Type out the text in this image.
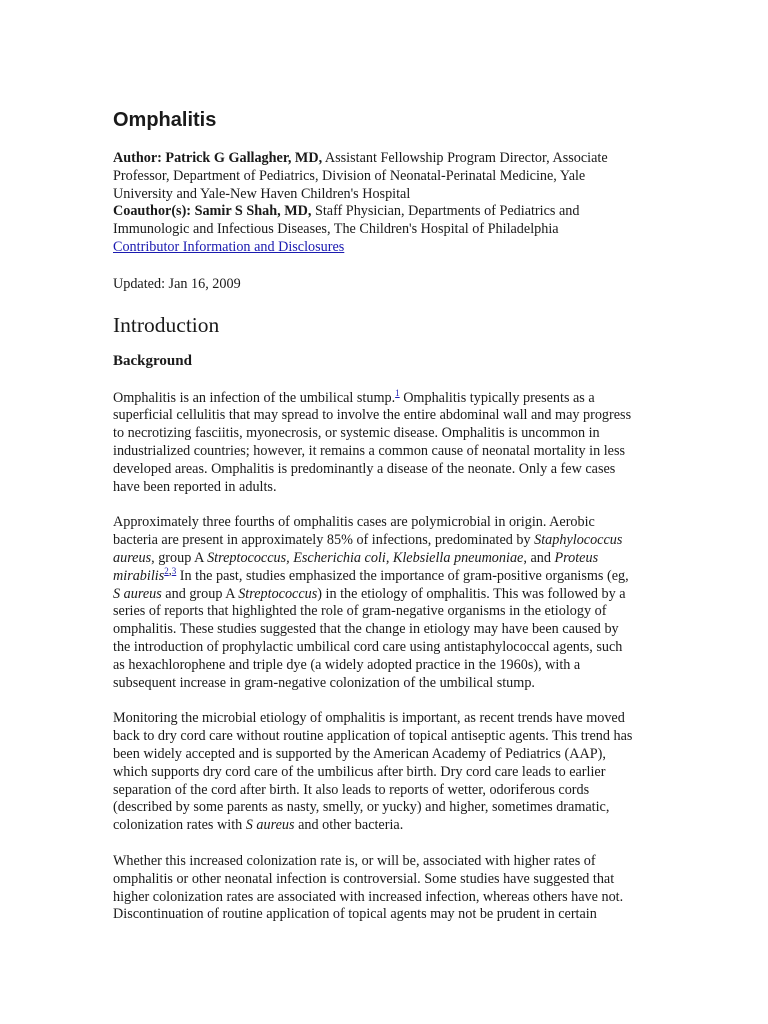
Omphalitis
Author: Patrick G Gallagher, MD, Assistant Fellowship Program Director, Associate Professor, Department of Pediatrics, Division of Neonatal-Perinatal Medicine, Yale University and Yale-New Haven Children's Hospital
Coauthor(s): Samir S Shah, MD, Staff Physician, Departments of Pediatrics and Immunologic and Infectious Diseases, The Children's Hospital of Philadelphia
Contributor Information and Disclosures

Updated: Jan 16, 2009

Introduction
Background

Omphalitis is an infection of the umbilical stump.$^1$ Omphalitis typically presents as a superficial cellulitis that may spread to involve the entire abdominal wall and may progress to necrotizing fasciitis, myonecrosis, or systemic disease. Omphalitis is uncommon in industrialized countries; however, it remains a common cause of neonatal mortality in less developed areas. Omphalitis is predominantly a disease of the neonate. Only a few cases have been reported in adults.

Approximately three fourths of omphalitis cases are polymicrobial in origin. Aerobic bacteria are present in approximately 85% of infections, predominated by Staphylococcus aureus, group A Streptococcus, Escherichia coli, Klebsiella pneumoniae, and Proteus mirabilis$^{2,3}$ In the past, studies emphasized the importance of gram-positive organisms (eg, S aureus and group A Streptococcus) in the etiology of omphalitis. This was followed by a series of reports that highlighted the role of gram-negative organisms in the etiology of omphalitis. These studies suggested that the change in etiology may have been caused by the introduction of prophylactic umbilical cord care using antistaphylococcal agents, such as hexachlorophene and triple dye (a widely adopted practice in the 1960s), with a subsequent increase in gram-negative colonization of the umbilical stump.

Monitoring the microbial etiology of omphalitis is important, as recent trends have moved back to dry cord care without routine application of topical antiseptic agents. This trend has been widely accepted and is supported by the American Academy of Pediatrics (AAP), which supports dry cord care of the umbilicus after birth. Dry cord care leads to earlier separation of the cord after birth. It also leads to reports of wetter, odoriferous cords (described by some parents as nasty, smelly, or yucky) and higher, sometimes dramatic, colonization rates with S aureus and other bacteria.

Whether this increased colonization rate is, or will be, associated with higher rates of omphalitis or other neonatal infection is controversial. Some studies have suggested that higher colonization rates are associated with increased infection, whereas others have not. Discontinuation of routine application of topical agents may not be prudent in certain
